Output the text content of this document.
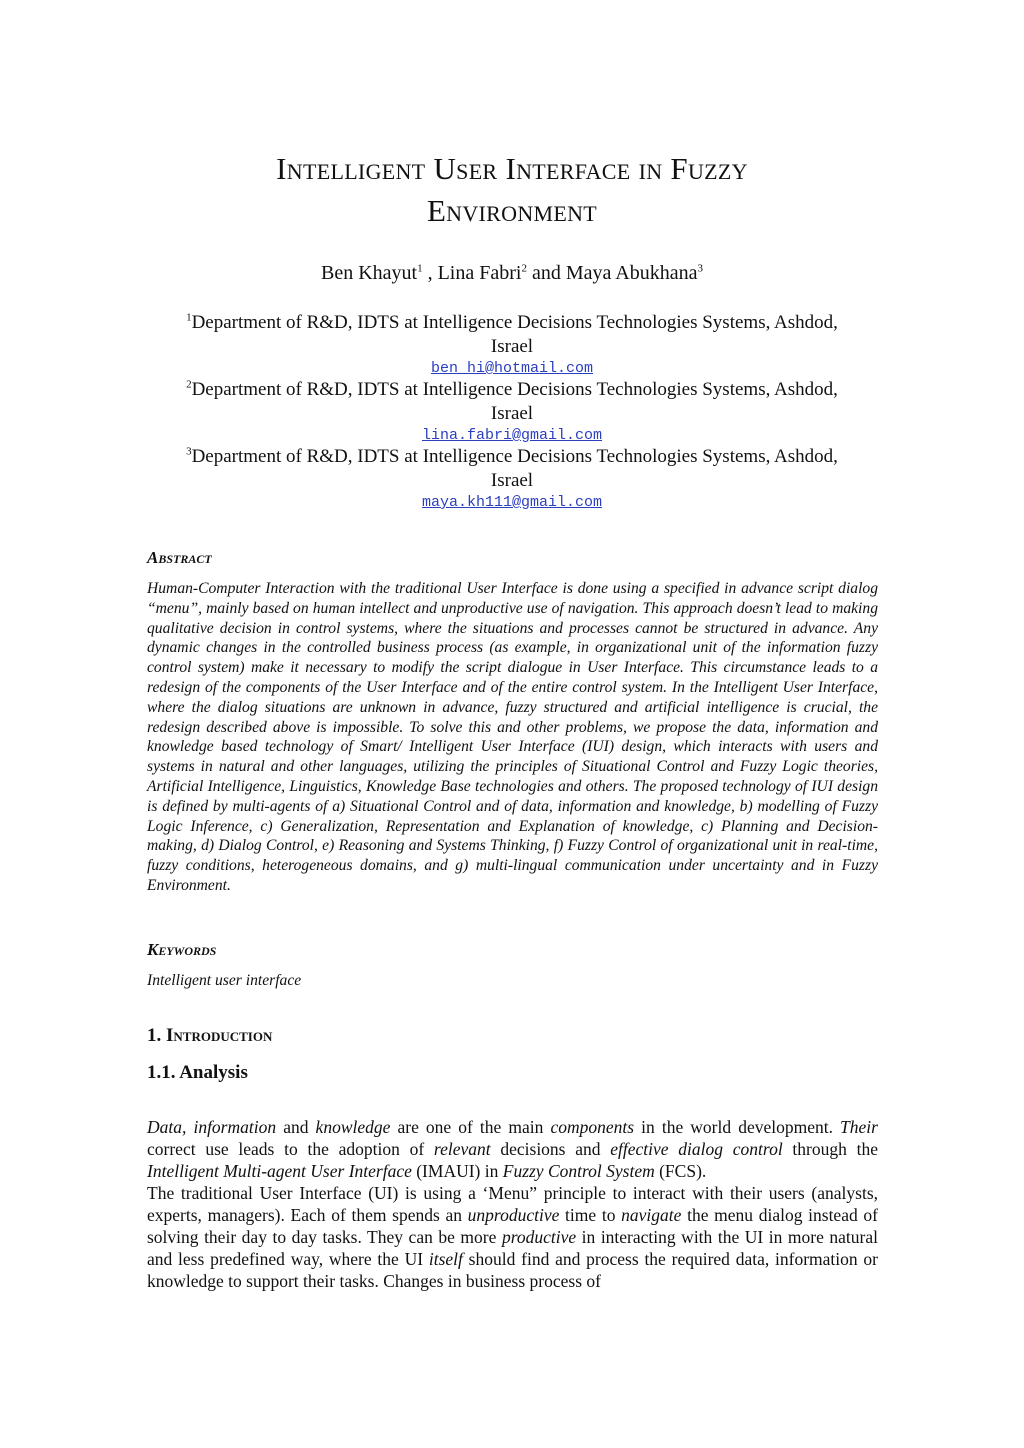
Intelligent User Interface in Fuzzy
Environment
Ben Khayut$^1$ , Lina Fabri$^2$ and Maya Abukhana$^3$
$^1$Department of R&D, IDTS at Intelligence Decisions Technologies Systems, Ashdod,
Israel
ben_hi@hotmail.com
$^2$Department of R&D, IDTS at Intelligence Decisions Technologies Systems, Ashdod,
Israel
lina.fabri@gmail.com
$^3$Department of R&D, IDTS at Intelligence Decisions Technologies Systems, Ashdod,
Israel
maya.kh111@gmail.com
Abstract
Human-Computer Interaction with the traditional User Interface is done using a specified in advance script dialog “menu”, mainly based on human intellect and unproductive use of navigation. This approach doesn’t lead to making qualitative decision in control systems, where the situations and processes cannot be structured in advance. Any dynamic changes in the controlled business process (as example, in organizational unit of the information fuzzy control system) make it necessary to modify the script dialogue in User Interface. This circumstance leads to a redesign of the components of the User Interface and of the entire control system. In the Intelligent User Interface, where the dialog situations are unknown in advance, fuzzy structured and artificial intelligence is crucial, the redesign described above is impossible. To solve this and other problems, we propose the data, information and knowledge based technology of Smart/ Intelligent User Interface (IUI) design, which interacts with users and systems in natural and other languages, utilizing the principles of Situational Control and Fuzzy Logic theories, Artificial Intelligence, Linguistics, Knowledge Base technologies and others. The proposed technology of IUI design is defined by multi-agents of a) Situational Control and of data, information and knowledge, b) modelling of Fuzzy Logic Inference, c) Generalization, Representation and Explanation of knowledge, c) Planning and Decision-making, d) Dialog Control, e) Reasoning and Systems Thinking, f) Fuzzy Control of organizational unit in real-time, fuzzy conditions, heterogeneous domains, and g) multi-lingual communication under uncertainty and in Fuzzy Environment.
Keywords
Intelligent user interface
1. Introduction
1.1. Analysis

Data, information and knowledge are one of the main components in the world development. Their correct use leads to the adoption of relevant decisions and effective dialog control through the Intelligent Multi-agent User Interface (IMAUI) in Fuzzy Control System (FCS).

The traditional User Interface (UI) is using a ‘Menu” principle to interact with their users (analysts, experts, managers). Each of them spends an unproductive time to navigate the menu dialog instead of solving their day to day tasks. They can be more productive in interacting with the UI in more natural and less predefined way, where the UI itself should find and process the required data, information or knowledge to support their tasks. Changes in business process of
